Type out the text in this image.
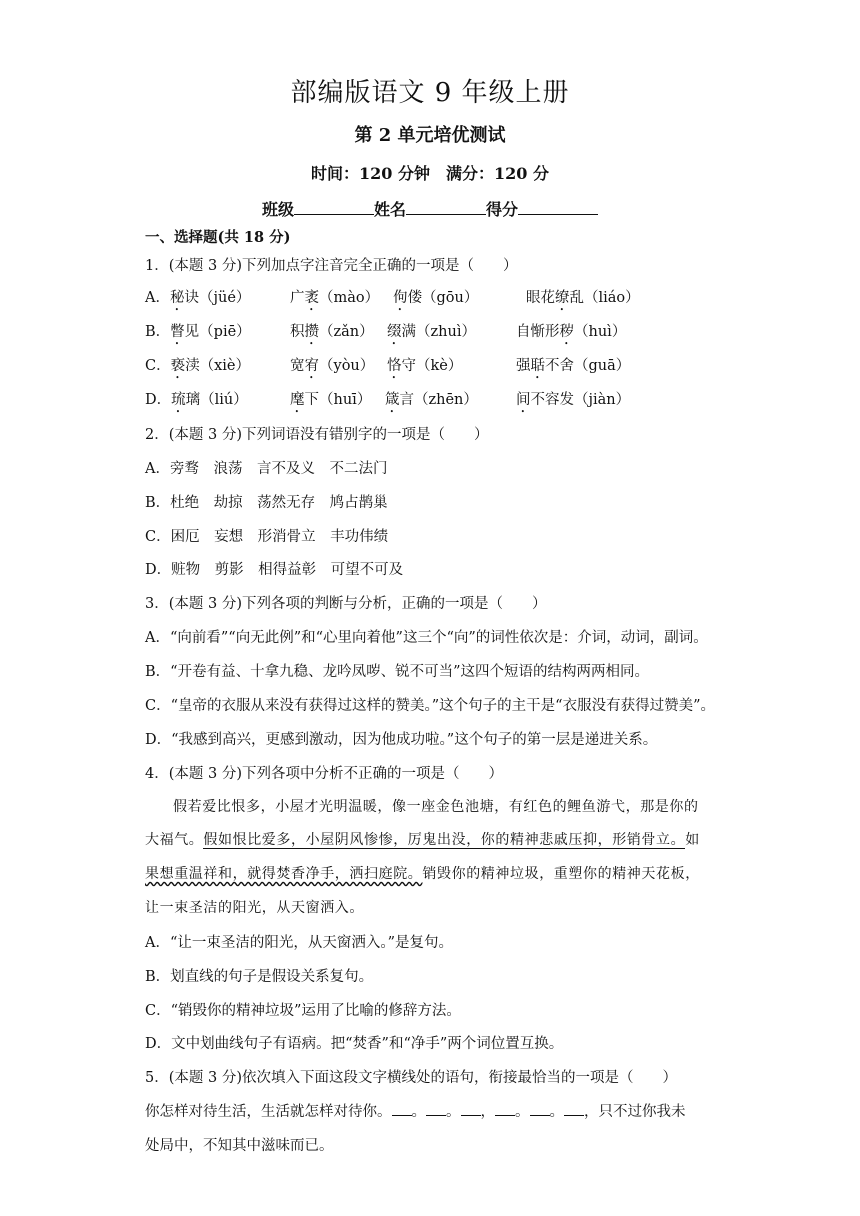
部编版语文 9 年级上册
第 2 单元培优测试
时间：120 分钟　满分：120 分
班级	姓名	得分
一、选择题(共 18 分)
1．(本题 3 分)下列加点字注音完全正确的一项是（　　）
A．秘诀（jüé）	广袤（mào） 佝偻（gōu）	眼花缭乱（liáo）
B．瞥见（piē）	积攒（zǎn） 缀满（zhuì）	自惭形秽（huì）
C．亵渎（xiè）	宽宥（yòu） 恪守（kè）	强聒不舍（guā）
D．琉璃（liú）	麾下（huī） 箴言（zhēn）	间不容发（jiàn）
2．(本题 3 分)下列词语没有错别字的一项是（　　）
A．旁骛　浪荡　言不及义　不二法门
B．杜绝　劫掠　荡然无存　鸠占鹊巢
C．困厄　妄想　形消骨立　丰功伟绩
D．赃物　剪影　相得益彰　可望不可及
3．(本题 3 分)下列各项的判断与分析，正确的一项是（　　）
A．“向前看”“向无此例”和“心里向着他”这三个“向”的词性依次是：介词，动词，副词。
B．“开卷有益、十拿九稳、龙吟凤哕、锐不可当”这四个短语的结构两两相同。
C．“皇帝的衣服从来没有获得过这样的赞美。”这个句子的主干是“衣服没有获得过赞美”。
D．“我感到高兴，更感到激动，因为他成功啦。”这个句子的第一层是递进关系。
4．(本题 3 分)下列各项中分析不正确的一项是（　　）
假若爱比恨多，小屋才光明温暖，像一座金色池塘，有红色的鲤鱼游弋，那是你的
大福气。假如恨比爱多，小屋阴风惨惨，厉鬼出没，你的精神悲戚压抑，形销骨立。如
果想重温祥和，就得焚香净手，洒扫庭院。销毁你的精神垃圾，重塑你的精神天花板，
让一束圣洁的阳光，从天窗洒入。
A．“让一束圣洁的阳光，从天窗洒入。”是复句。
B．划直线的句子是假设关系复句。
C．“销毁你的精神垃圾”运用了比喻的修辞方法。
D．文中划曲线句子有语病。把“焚香”和“净手”两个词位置互换。
5．(本题 3 分)依次填入下面这段文字横线处的语句，衔接最恰当的一项是（　　）
你怎样对待生活，生活就怎样对待你。 。 。 ， 。 。 ，只不过你我未
处局中，不知其中滋味而已。
